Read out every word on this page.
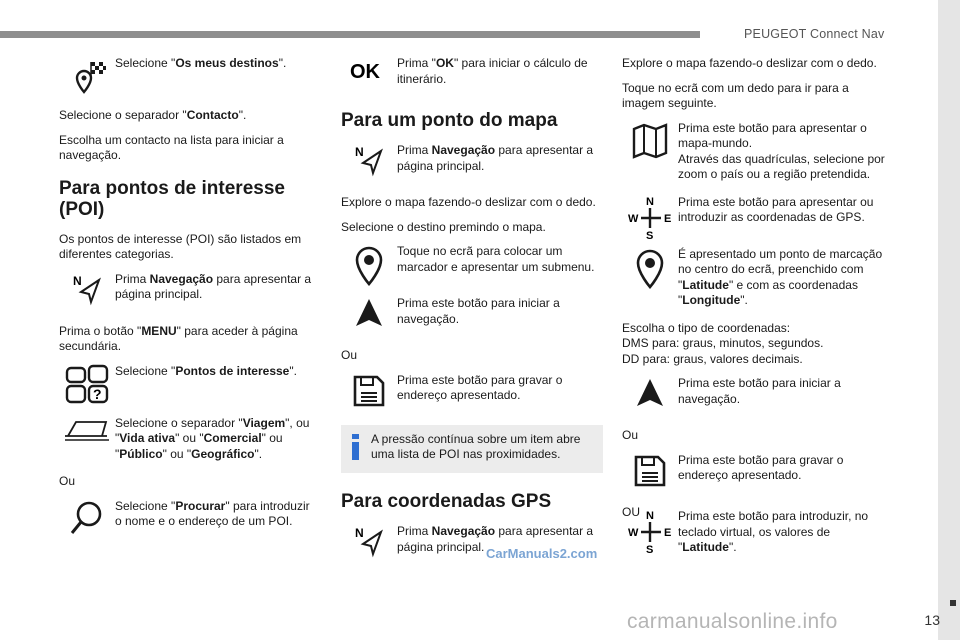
PEUGEOT Connect Nav
13
Selecione "Os meus destinos".

Selecione o separador "Contacto".

Escolha um contacto na lista para iniciar a navegação.

Para pontos de interesse (POI)

Os pontos de interesse (POI) são listados em diferentes categorias.

N	Prima Navegação para apresentar a página principal.

Prima o botão "MENU" para aceder à página secundária.

?
Selecione "Pontos de interesse".
Selecione o separador "Viagem", ou "Vida ativa" ou "Comercial" ou "Público" ou "Geográfico".

Ou

Selecione "Procurar" para introduzir o nome e o endereço de um POI.
OK Prima "OK" para iniciar o cálculo de itinerário.
Para um ponto do mapa
N	Prima Navegação para apresentar a página principal.

Explore o mapa fazendo-o deslizar com o dedo.

Selecione o destino premindo o mapa.

Toque no ecrã para colocar um marcador e apresentar um submenu.
Prima este botão para iniciar a navegação.

Ou

Prima este botão para gravar o endereço apresentado.
A pressão contínua sobre um item abre uma lista de POI nas proximidades.
Para coordenadas GPS
N	Prima Navegação para apresentar a página principal.

Explore o mapa fazendo-o deslizar com o dedo.

Toque no ecrã com um dedo para ir para a imagem seguinte.

Prima este botão para apresentar o mapa-mundo.
Através das quadrículas, selecione por zoom o país ou a região pretendida.
N
W E
S
Prima este botão para apresentar ou introduzir as coordenadas de GPS.
É apresentado um ponto de marcação no centro do ecrã, preenchido com "Latitude" e com as coordenadas "Longitude".

Escolha o tipo de coordenadas:
DMS para: graus, minutos, segundos.
DD para: graus, valores decimais.

Prima este botão para iniciar a navegação.

Ou

Prima este botão para gravar o endereço apresentado.

OU N
W E
S
Prima este botão para introduzir, no teclado virtual, os valores de "Latitude".
CarManuals2.com
carmanualsonline.info
